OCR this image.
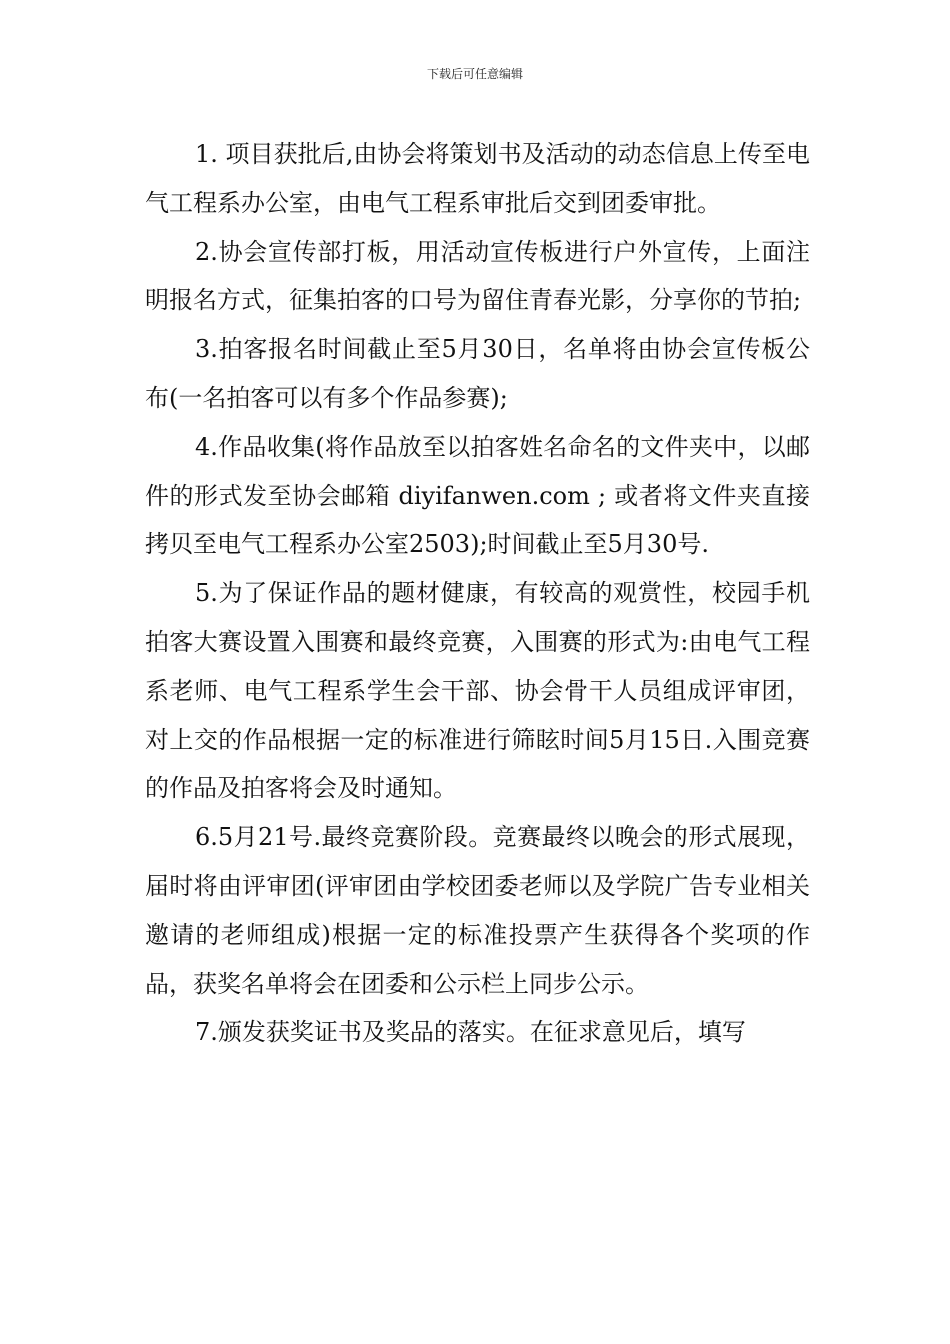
下载后可任意编辑

1. 项目获批后,由协会将策划书及活动的动态信息上传至电气工程系办公室，由电气工程系审批后交到团委审批。

2.协会宣传部打板，用活动宣传板进行户外宣传，上面注明报名方式，征集拍客的口号为留住青春光影，分享你的节拍;

3.拍客报名时间截止至5月30日，名单将由协会宣传板公布(一名拍客可以有多个作品参赛);

4.作品收集(将作品放至以拍客姓名命名的文件夹中，以邮件的形式发至协会邮箱 diyifanwen.com ; 或者将文件夹直接拷贝至电气工程系办公室2503);时间截止至5月30号.

5.为了保证作品的题材健康，有较高的观赏性，校园手机拍客大赛设置入围赛和最终竞赛，入围赛的形式为:由电气工程系老师、电气工程系学生会干部、协会骨干人员组成评审团，对上交的作品根据一定的标准进行筛眩时间5月15日.入围竞赛的作品及拍客将会及时通知。

6.5月21号.最终竞赛阶段。竞赛最终以晚会的形式展现，届时将由评审团(评审团由学校团委老师以及学院广告专业相关邀请的老师组成)根据一定的标准投票产生获得各个奖项的作品，获奖名单将会在团委和公示栏上同步公示。

7.颁发获奖证书及奖品的落实。在征求意见后，填写
